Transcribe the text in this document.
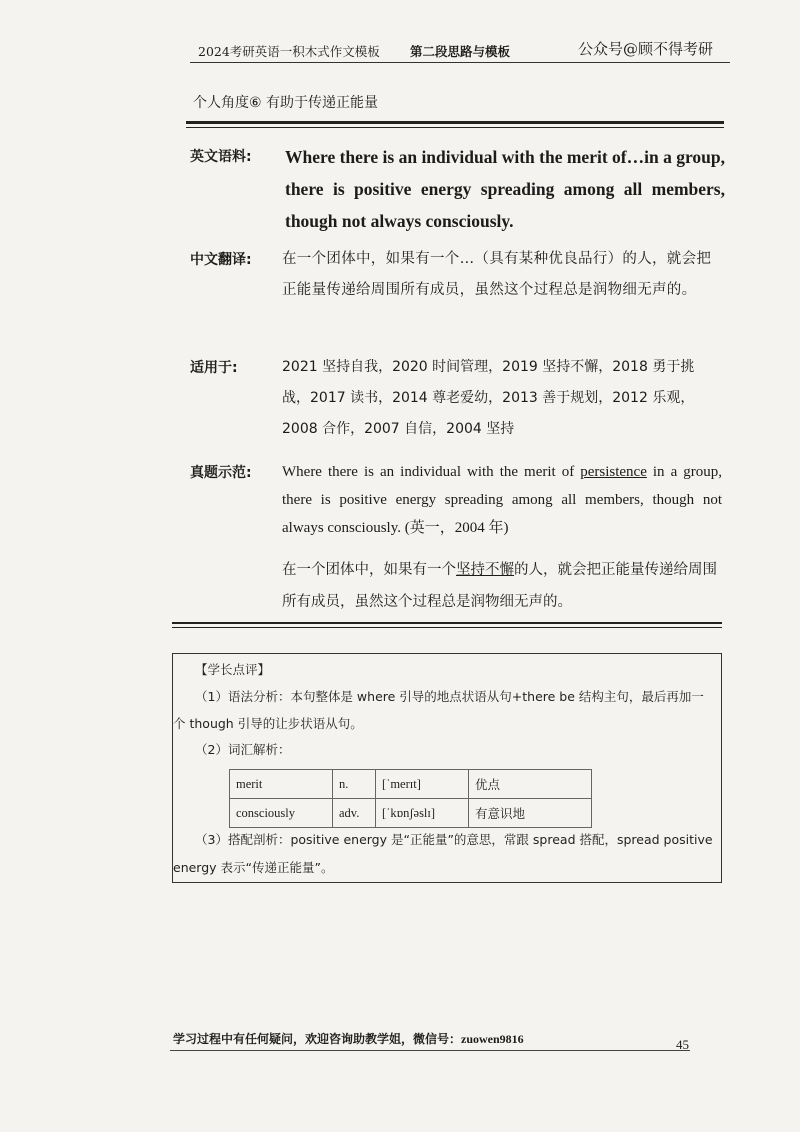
2024考研英语一积木式作文模板 第二段思路与模板	公众号@顾不得考研
个人角度⑥ 有助于传递正能量
英文语料: Where there is an individual with the merit of…in a group, there is positive energy spreading among all members, though not always consciously.
中文翻译: 在一个团体中，如果有一个…（具有某种优良品行）的人，就会把正能量传递给周围所有成员，虽然这个过程总是润物细无声的。
适用于:	2021 坚持自我，2020 时间管理，2019 坚持不懈，2018 勇于挑战，2017 读书，2014 尊老爱幼，2013 善于规划，2012 乐观，2008 合作，2007 自信，2004 坚持
真题示范: Where there is an individual with the merit of persistence in a group, there is positive energy spreading among all members, though not always consciously. (英一，2004 年)
在一个团体中，如果有一个坚持不懈的人，就会把正能量传递给周围所有成员，虽然这个过程总是润物细无声的。
【学长点评】
（1）语法分析：本句整体是 where 引导的地点状语从句+there be 结构主句，最后再加一个 though 引导的让步状语从句。
（2）词汇解析：
merit	n.	[ˈmerɪt]	优点
consciously	adv.	[ˈkɒnʃəslɪ]	有意识地
（3）搭配剖析：positive energy 是“正能量”的意思，常跟 spread 搭配，spread positive energy 表示“传递正能量”。
学习过程中有任何疑问，欢迎咨询助教学姐，微信号：zuowen9816	45
